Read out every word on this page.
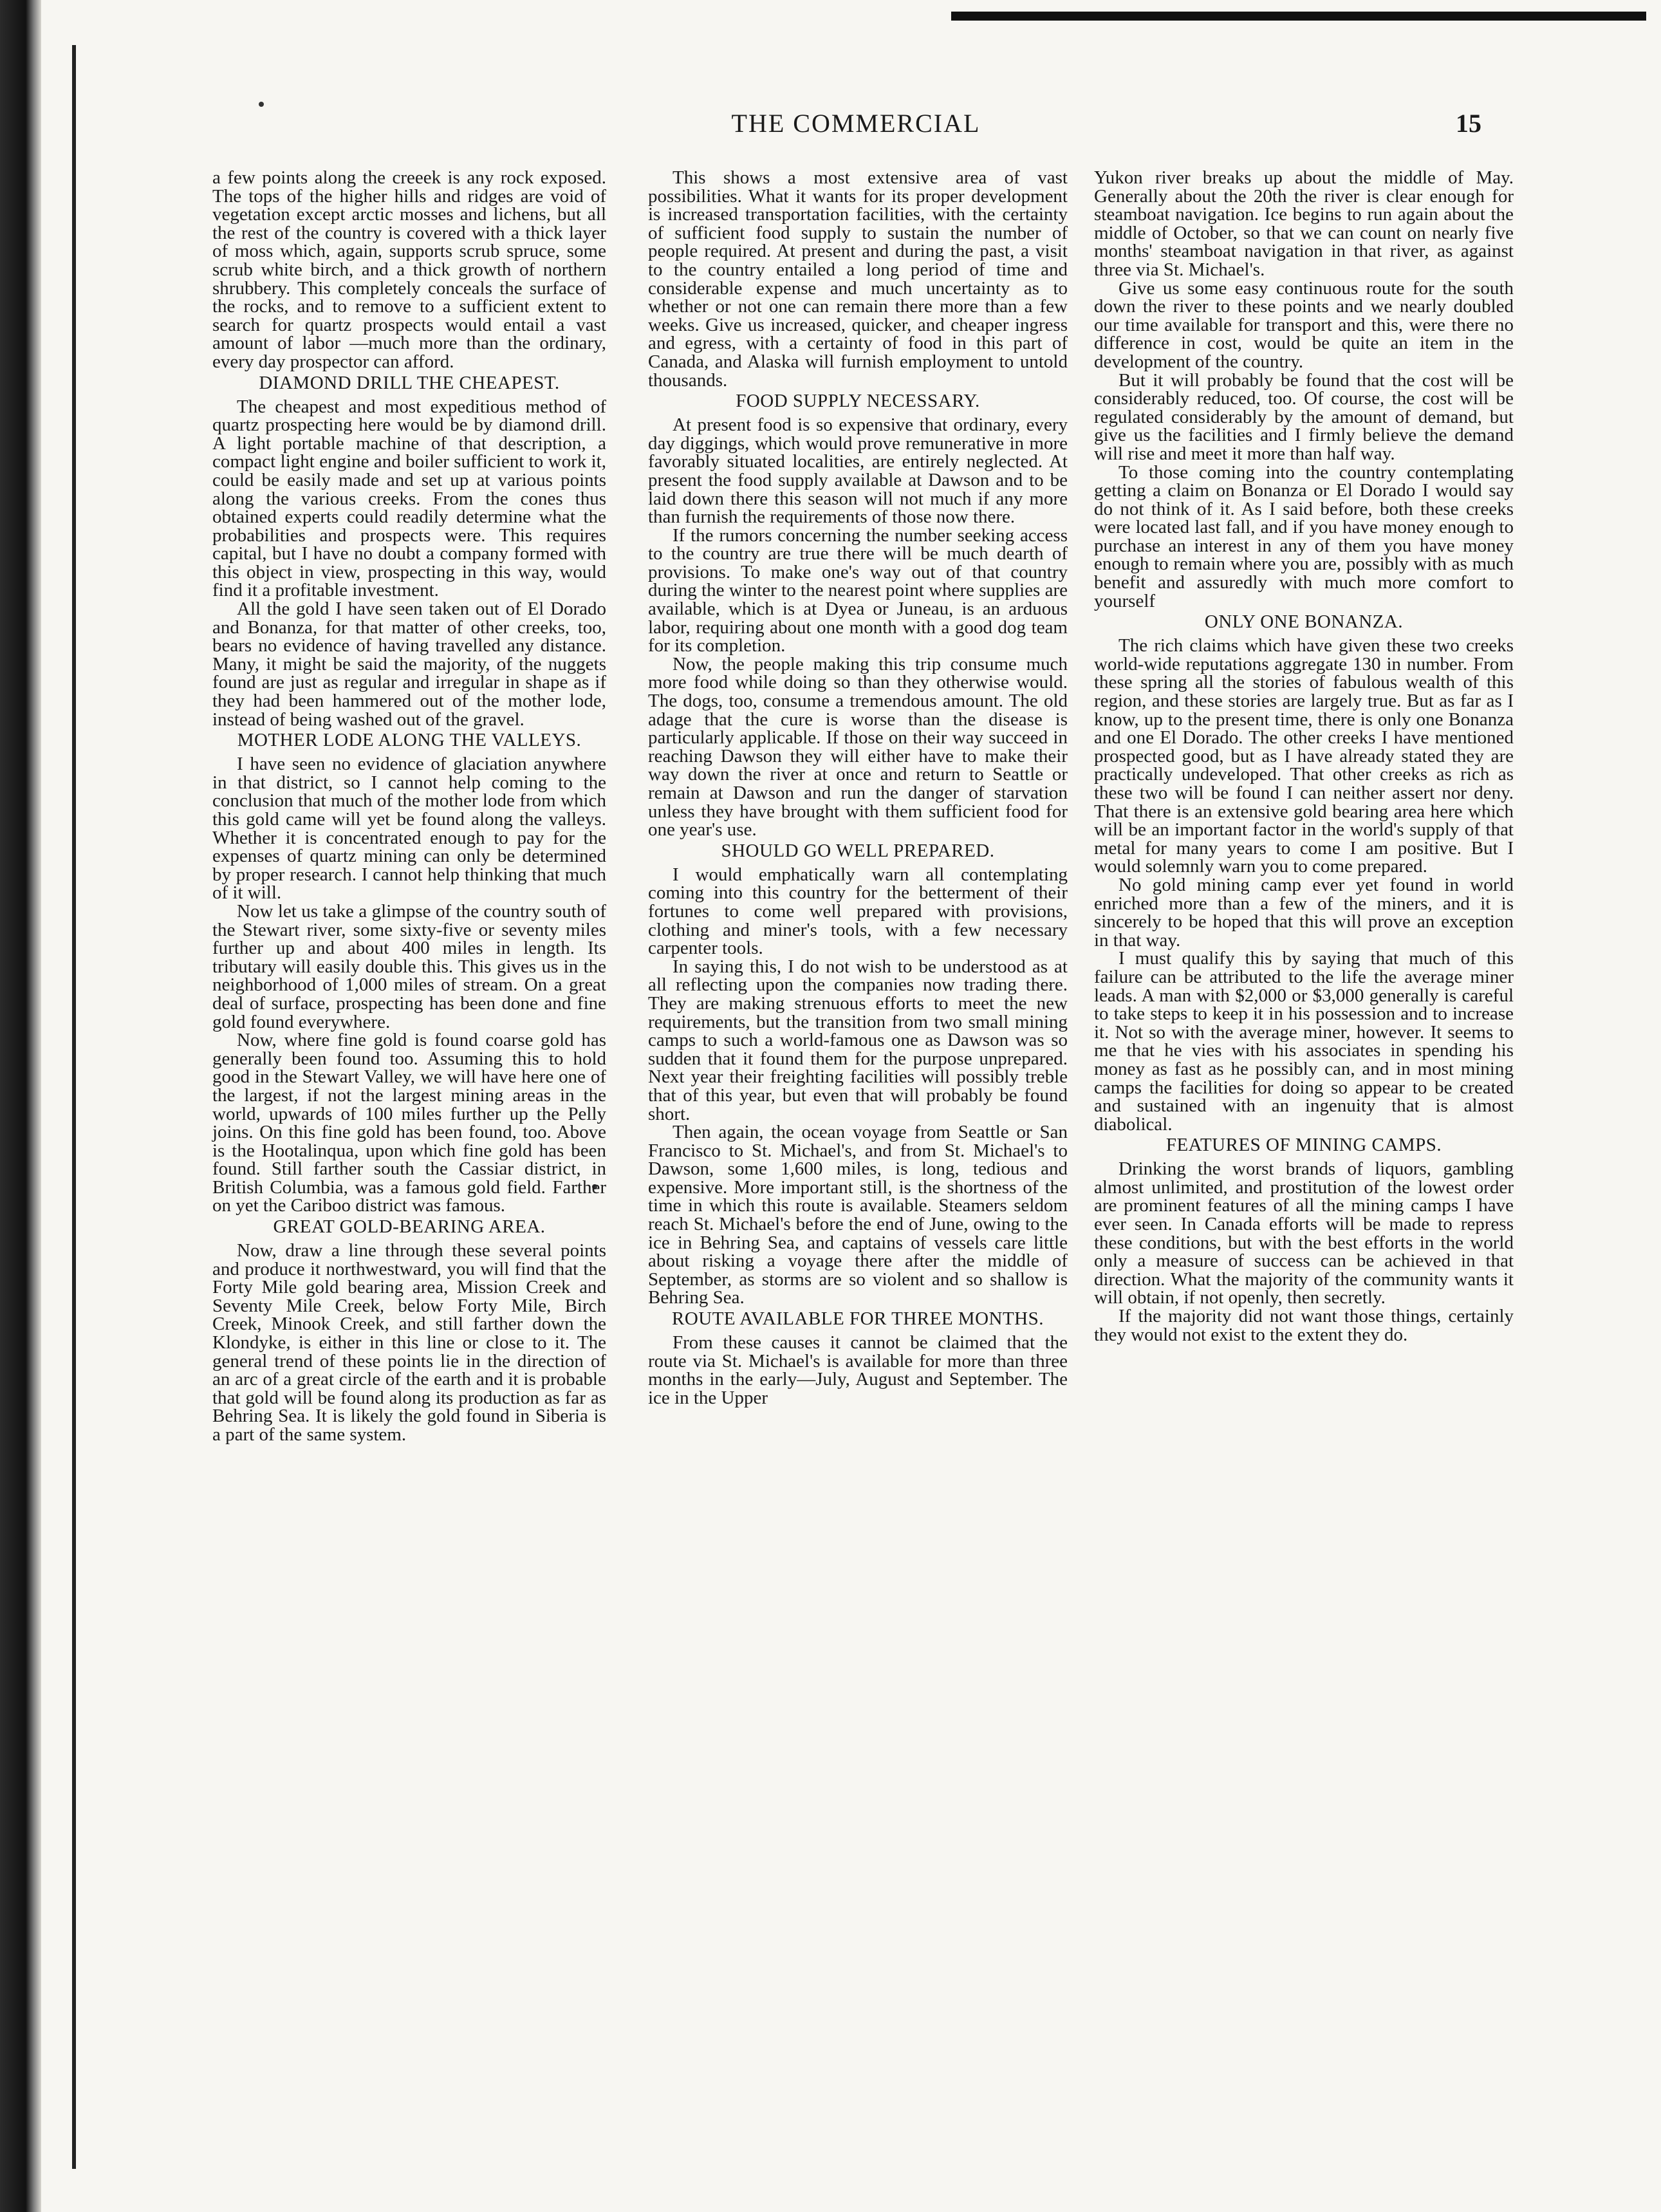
THE COMMERCIAL	15

a few points along the creeek is any rock exposed. The tops of the higher hills and ridges are void of vegetation except arctic mosses and lichens, but all the rest of the country is covered with a thick layer of moss which, again, supports scrub spruce, some scrub white birch, and a thick growth of northern shrubbery. This completely conceals the surface of the rocks, and to remove to a sufficient extent to search for quartz prospects would entail a vast amount of labor —much more than the ordinary, every day prospector can afford.

DIAMOND DRILL THE CHEAPEST.

The cheapest and most expeditious method of quartz prospecting here would be by diamond drill. A light portable machine of that description, a compact light engine and boiler sufficient to work it, could be easily made and set up at various points along the various creeks. From the cones thus obtained experts could readily determine what the probabilities and prospects were. This requires capital, but I have no doubt a company formed with this object in view, prospecting in this way, would find it a profitable investment.

All the gold I have seen taken out of El Dorado and Bonanza, for that matter of other creeks, too, bears no evidence of having travelled any distance. Many, it might be said the majority, of the nuggets found are just as regular and irregular in shape as if they had been hammered out of the mother lode, instead of being washed out of the gravel.

MOTHER LODE ALONG THE VALLEYS.

I have seen no evidence of glaciation anywhere in that district, so I cannot help coming to the conclusion that much of the mother lode from which this gold came will yet be found along the valleys. Whether it is concentrated enough to pay for the expenses of quartz mining can only be determined by proper research. I cannot help thinking that much of it will.

Now let us take a glimpse of the country south of the Stewart river, some sixty-five or seventy miles further up and about 400 miles in length. Its tributary will easily double this. This gives us in the neighborhood of 1,000 miles of stream. On a great deal of surface, prospecting has been done and fine gold found everywhere.

Now, where fine gold is found coarse gold has generally been found too. Assuming this to hold good in the Stewart Valley, we will have here one of the largest, if not the largest mining areas in the world, upwards of 100 miles further up the Pelly joins. On this fine gold has been found, too. Above is the Hootalinqua, upon which fine gold has been found. Still farther south the Cassiar district, in British Columbia, was a famous gold field. Farther on yet the Cariboo district was famous.

GREAT GOLD-BEARING AREA.

Now, draw a line through these several points and produce it northwestward, you will find that the Forty Mile gold bearing area, Mission Creek and Seventy Mile Creek, below Forty Mile, Birch Creek, Minook Creek, and still farther down the Klondyke, is either in this line or close to it. The general trend of these points lie in the direction of an arc of a great circle of the earth and it is probable that gold will be found along its production as far as Behring Sea. It is likely the gold found in Siberia is a part of the same system.

This shows a most extensive area of vast possibilities. What it wants for its proper development is increased transportation facilities, with the certainty of sufficient food supply to sustain the number of people required. At present and during the past, a visit to the country entailed a long period of time and considerable expense and much uncertainty as to whether or not one can remain there more than a few weeks. Give us increased, quicker, and cheaper ingress and egress, with a certainty of food in this part of Canada, and Alaska will furnish employment to untold thousands.

FOOD SUPPLY NECESSARY.

At present food is so expensive that ordinary, every day diggings, which would prove remunerative in more favorably situated localities, are entirely neglected. At present the food supply available at Dawson and to be laid down there this season will not much if any more than furnish the requirements of those now there.

If the rumors concerning the number seeking access to the country are true there will be much dearth of provisions. To make one's way out of that country during the winter to the nearest point where supplies are available, which is at Dyea or Juneau, is an arduous labor, requiring about one month with a good dog team for its completion.

Now, the people making this trip consume much more food while doing so than they otherwise would. The dogs, too, consume a tremendous amount. The old adage that the cure is worse than the disease is particularly applicable. If those on their way succeed in reaching Dawson they will either have to make their way down the river at once and return to Seattle or remain at Dawson and run the danger of starvation unless they have brought with them sufficient food for one year's use.

SHOULD GO WELL PREPARED.

I would emphatically warn all contemplating coming into this country for the betterment of their fortunes to come well prepared with provisions, clothing and miner's tools, with a few necessary carpenter tools.

In saying this, I do not wish to be understood as at all reflecting upon the companies now trading there. They are making strenuous efforts to meet the new requirements, but the transition from two small mining camps to such a world-famous one as Dawson was so sudden that it found them for the purpose unprepared. Next year their freighting facilities will possibly treble that of this year, but even that will probably be found short.

Then again, the ocean voyage from Seattle or San Francisco to St. Michael's, and from St. Michael's to Dawson, some 1,600 miles, is long, tedious and expensive. More important still, is the shortness of the time in which this route is available. Steamers seldom reach St. Michael's before the end of June, owing to the ice in Behring Sea, and captains of vessels care little about risking a voyage there after the middle of September, as storms are so violent and so shallow is Behring Sea.

ROUTE AVAILABLE FOR THREE MONTHS.

From these causes it cannot be claimed that the route via St. Michael's is available for more than three months in the early—July, August and September. The ice in the Upper

Yukon river breaks up about the middle of May. Generally about the 20th the river is clear enough for steamboat navigation. Ice begins to run again about the middle of October, so that we can count on nearly five months' steamboat navigation in that river, as against three via St. Michael's.

Give us some easy continuous route for the south down the river to these points and we nearly doubled our time available for transport and this, were there no difference in cost, would be quite an item in the development of the country.

But it will probably be found that the cost will be considerably reduced, too. Of course, the cost will be regulated considerably by the amount of demand, but give us the facilities and I firmly believe the demand will rise and meet it more than half way.

To those coming into the country contemplating getting a claim on Bonanza or El Dorado I would say do not think of it. As I said before, both these creeks were located last fall, and if you have money enough to purchase an interest in any of them you have money enough to remain where you are, possibly with as much benefit and assuredly with much more comfort to yourself

ONLY ONE BONANZA.

The rich claims which have given these two creeks world-wide reputations aggregate 130 in number. From these spring all the stories of fabulous wealth of this region, and these stories are largely true. But as far as I know, up to the present time, there is only one Bonanza and one El Dorado. The other creeks I have mentioned prospected good, but as I have already stated they are practically undeveloped. That other creeks as rich as these two will be found I can neither assert nor deny. That there is an extensive gold bearing area here which will be an important factor in the world's supply of that metal for many years to come I am positive. But I would solemnly warn you to come prepared.

No gold mining camp ever yet found in world enriched more than a few of the miners, and it is sincerely to be hoped that this will prove an exception in that way.

I must qualify this by saying that much of this failure can be attributed to the life the average miner leads. A man with $2,000 or $3,000 generally is careful to take steps to keep it in his possession and to increase it. Not so with the average miner, however. It seems to me that he vies with his associates in spending his money as fast as he possibly can, and in most mining camps the facilities for doing so appear to be created and sustained with an ingenuity that is almost diabolical.

FEATURES OF MINING CAMPS.

Drinking the worst brands of liquors, gambling almost unlimited, and prostitution of the lowest order are prominent features of all the mining camps I have ever seen. In Canada efforts will be made to repress these conditions, but with the best efforts in the world only a measure of success can be achieved in that direction. What the majority of the community wants it will obtain, if not openly, then secretly.

If the majority did not want those things, certainly they would not exist to the extent they do.
